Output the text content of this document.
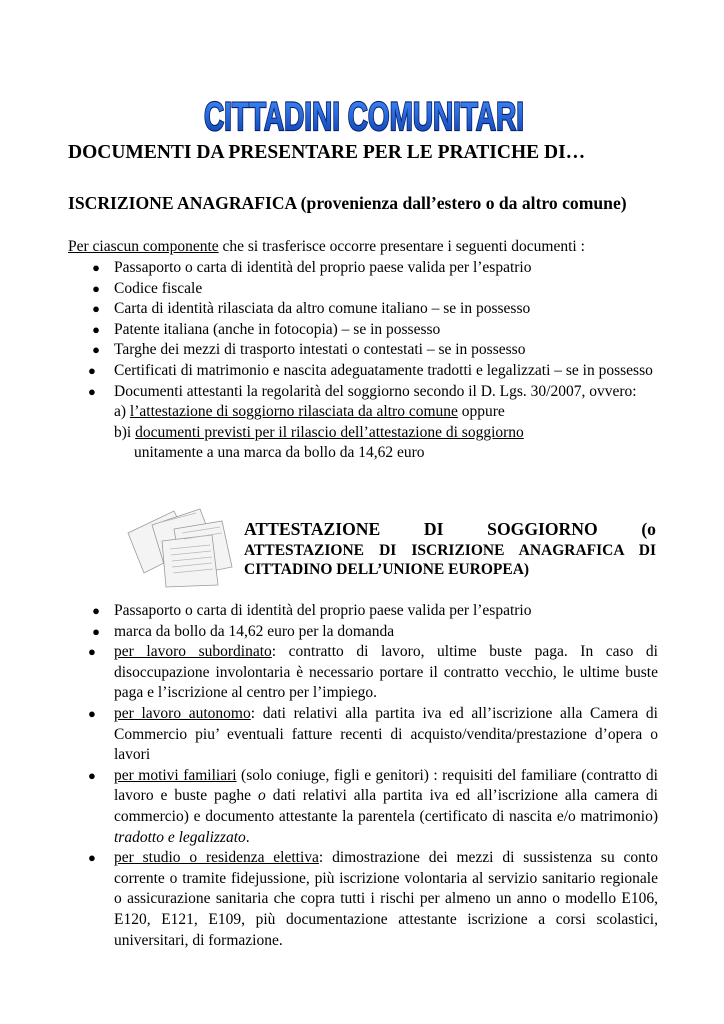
CITTADINI COMUNITARI
DOCUMENTI DA PRESENTARE PER LE PRATICHE DI…
ISCRIZIONE ANAGRAFICA (provenienza dall’estero o da altro comune)
Per ciascun componente che si trasferisce occorre presentare i seguenti documenti :
● Passaporto o carta di identità del proprio paese valida per l’espatrio
● Codice fiscale
● Carta di identità rilasciata da altro comune italiano – se in possesso
● Patente italiana (anche in fotocopia) – se in possesso
● Targhe dei mezzi di trasporto intestati o contestati – se in possesso
●	Certificati di matrimonio e nascita adeguatamente tradotti e legalizzati – se in possesso
●	Documenti attestanti la regolarità del soggiorno secondo il D. Lgs. 30/2007, ovvero:
a) l’attestazione di soggiorno rilasciata da altro comune oppure
b)i documenti previsti per il rilascio dell’attestazione di soggiorno
unitamente a una marca da bollo da 14,62 euro
ATTESTAZIONE DI SOGGIORNO (o
ATTESTAZIONE DI ISCRIZIONE ANAGRAFICA DI CITTADINO DELL’UNIONE EUROPEA)
● Passaporto o carta di identità del proprio paese valida per l’espatrio
● marca da bollo da 14,62 euro per la domanda
●	per lavoro subordinato: contratto di lavoro, ultime buste paga. In caso di disoccupazione involontaria è necessario portare il contratto vecchio, le ultime buste paga e l’iscrizione al centro per l’impiego.
●	per lavoro autonomo: dati relativi alla partita iva ed all’iscrizione alla Camera di Commercio piu’ eventuali fatture recenti di acquisto/vendita/prestazione d’opera o lavori
●	per motivi familiari (solo coniuge, figli e genitori) : requisiti del familiare (contratto di lavoro e buste paghe o dati relativi alla partita iva ed all’iscrizione alla camera di commercio) e documento attestante la parentela (certificato di nascita e/o matrimonio) tradotto e legalizzato.
●	per studio o residenza elettiva: dimostrazione dei mezzi di sussistenza su conto corrente o tramite fidejussione, più iscrizione volontaria al servizio sanitario regionale o assicurazione sanitaria che copra tutti i rischi per almeno un anno o modello E106, E120, E121, E109, più documentazione attestante iscrizione a corsi scolastici, universitari, di formazione.
